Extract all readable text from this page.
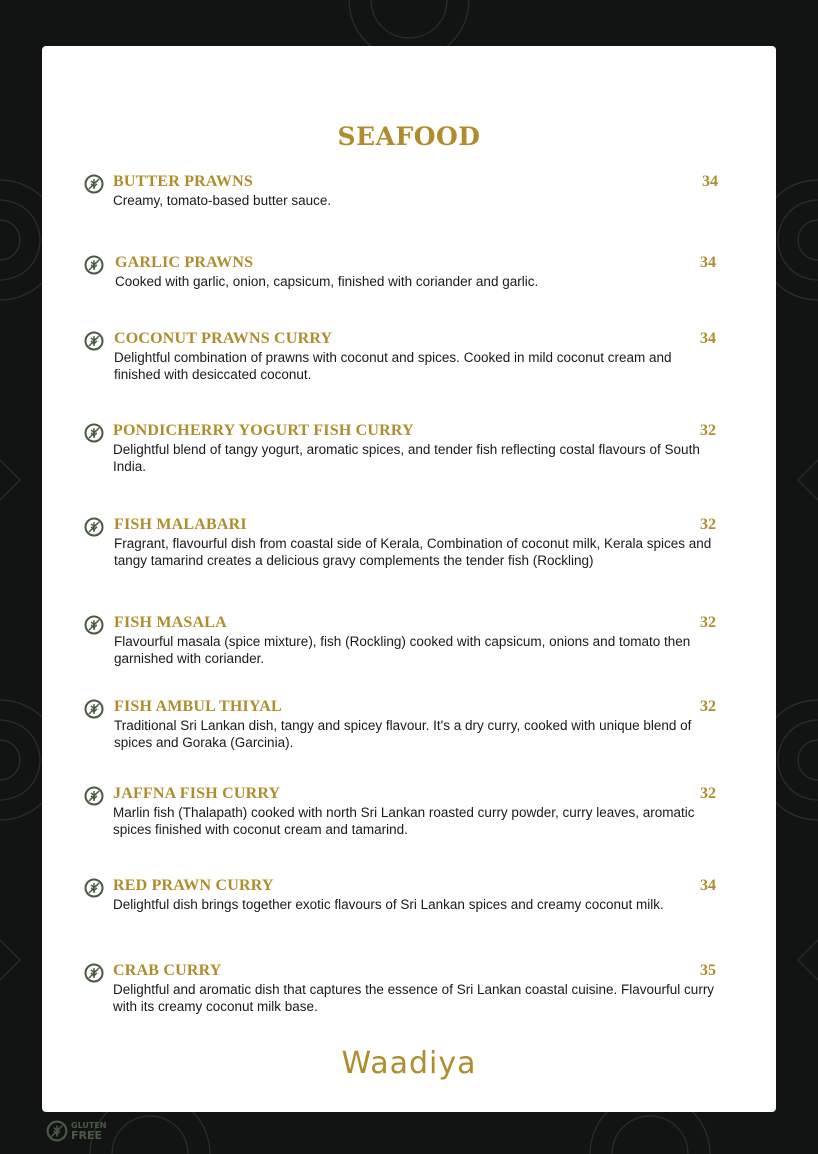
SEAFOOD
BUTTER PRAWNS	34
Creamy, tomato-based butter sauce.
GARLIC PRAWNS	34
Cooked with garlic, onion, capsicum, finished with coriander and garlic.
COCONUT PRAWNS CURRY	34
Delightful combination of prawns with coconut and spices. Cooked in mild coconut cream and finished with desiccated coconut.
PONDICHERRY YOGURT FISH CURRY	32
Delightful blend of tangy yogurt, aromatic spices, and tender fish reflecting costal flavours of South India.
FISH MALABARI	32
Fragrant, flavourful dish from coastal side of Kerala, Combination of coconut milk, Kerala spices and tangy tamarind creates a delicious gravy complements the tender fish (Rockling)
FISH MASALA	32
Flavourful masala (spice mixture), fish (Rockling) cooked with capsicum, onions and tomato then garnished with coriander.
FISH AMBUL THIYAL	32
Traditional Sri Lankan dish, tangy and spicey flavour. It's a dry curry, cooked with unique blend of spices and Goraka (Garcinia).
JAFFNA FISH CURRY	32
Marlin fish (Thalapath) cooked with north Sri Lankan roasted curry powder, curry leaves, aromatic spices finished with coconut cream and tamarind.
RED PRAWN CURRY	34
Delightful dish brings together exotic flavours of Sri Lankan spices and creamy coconut milk.
CRAB CURRY	35
Delightful and aromatic dish that captures the essence of Sri Lankan coastal cuisine. Flavourful curry with its creamy coconut milk base.
Waadiya
GLUTEN
FREE
